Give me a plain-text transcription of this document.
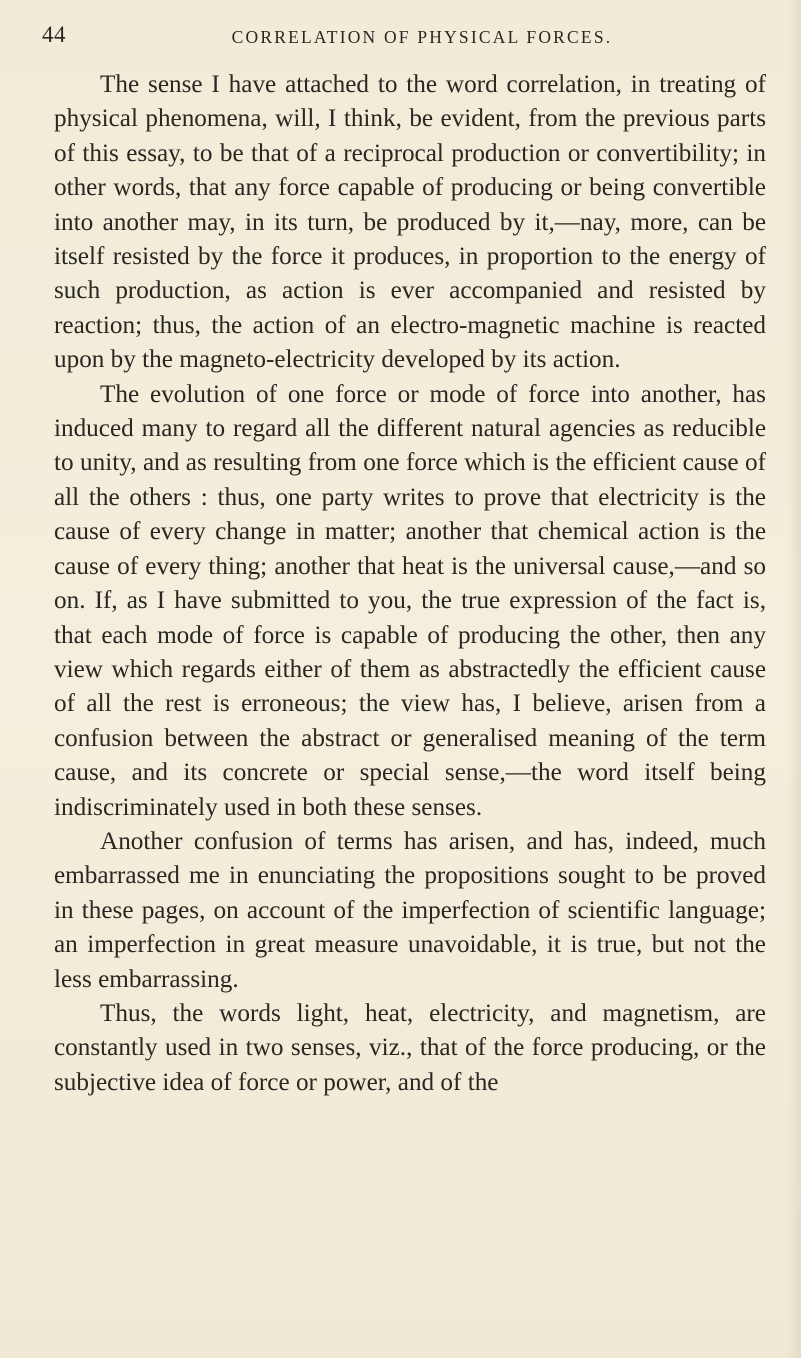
44	CORRELATION OF PHYSICAL FORCES.

The sense I have attached to the word correlation, in treating of physical phenomena, will, I think, be evident, from the previous parts of this essay, to be that of a reciprocal production or convertibility; in other words, that any force capable of producing or being convertible into another may, in its turn, be produced by it,—nay, more, can be itself resisted by the force it produces, in proportion to the energy of such production, as action is ever accompanied and resisted by reaction; thus, the action of an electro-magnetic machine is reacted upon by the magneto-electricity developed by its action.

The evolution of one force or mode of force into another, has induced many to regard all the different natural agencies as reducible to unity, and as resulting from one force which is the efficient cause of all the others : thus, one party writes to prove that electricity is the cause of every change in matter; another that chemical action is the cause of every thing; another that heat is the universal cause,—and so on. If, as I have submitted to you, the true expression of the fact is, that each mode of force is capable of producing the other, then any view which regards either of them as abstractedly the efficient cause of all the rest is erroneous; the view has, I believe, arisen from a confusion between the abstract or generalised meaning of the term cause, and its concrete or special sense,—the word itself being indiscriminately used in both these senses.

Another confusion of terms has arisen, and has, indeed, much embarrassed me in enunciating the propositions sought to be proved in these pages, on account of the imperfection of scientific language; an imperfection in great measure unavoidable, it is true, but not the less embarrassing.

Thus, the words light, heat, electricity, and magnetism, are constantly used in two senses, viz., that of the force producing, or the subjective idea of force or power, and of the
